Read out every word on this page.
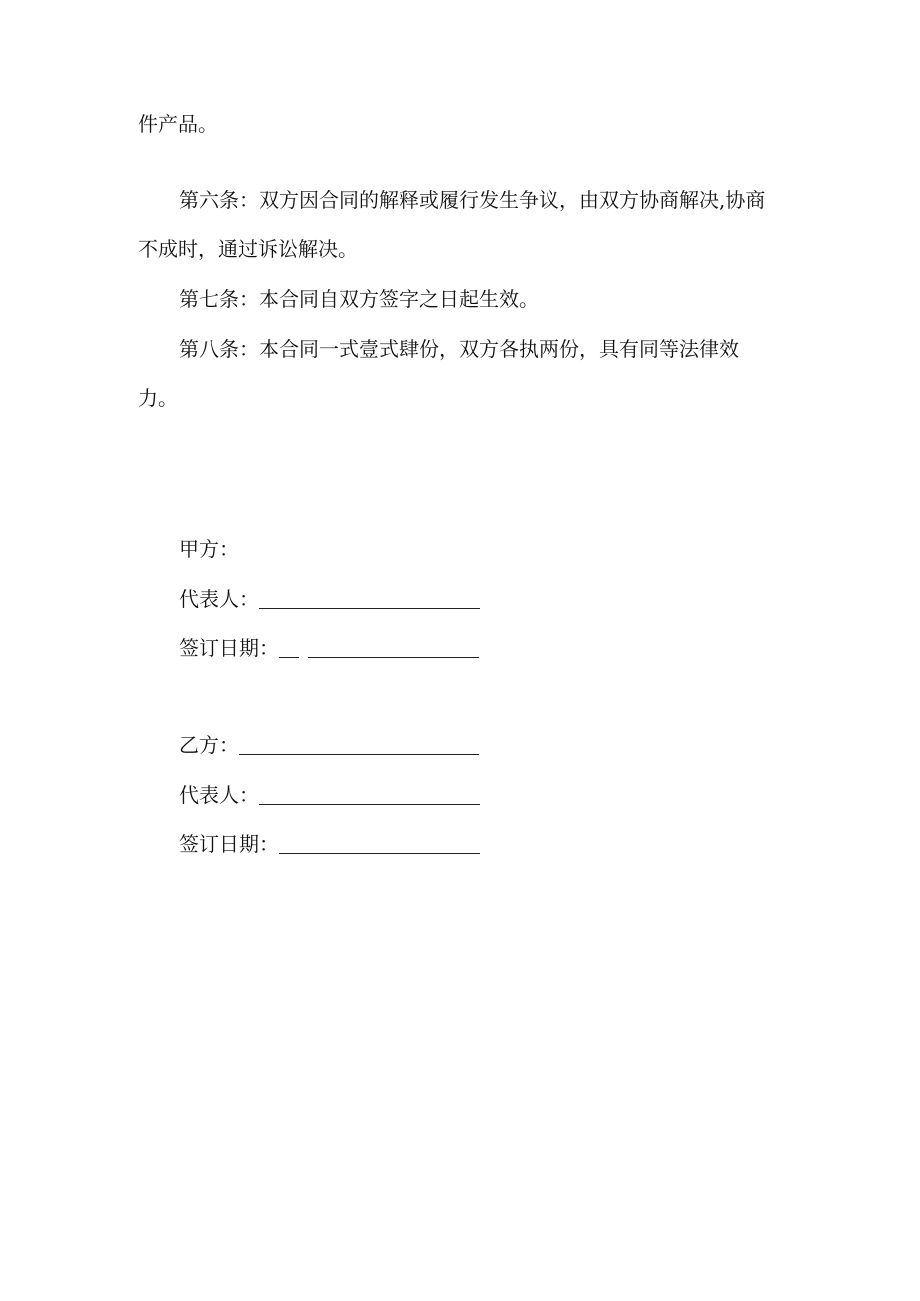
件产品。
第六条：双方因合同的解释或履行发生争议，由双方协商解决,协商
不成时，通过诉讼解决。
第七条：本合同自双方签字之日起生效。
第八条：本合同一式壹式肆份，双方各执两份，具有同等法律效
力。
甲方：
代表人：
签订日期：
乙方：
代表人：
签订日期：
